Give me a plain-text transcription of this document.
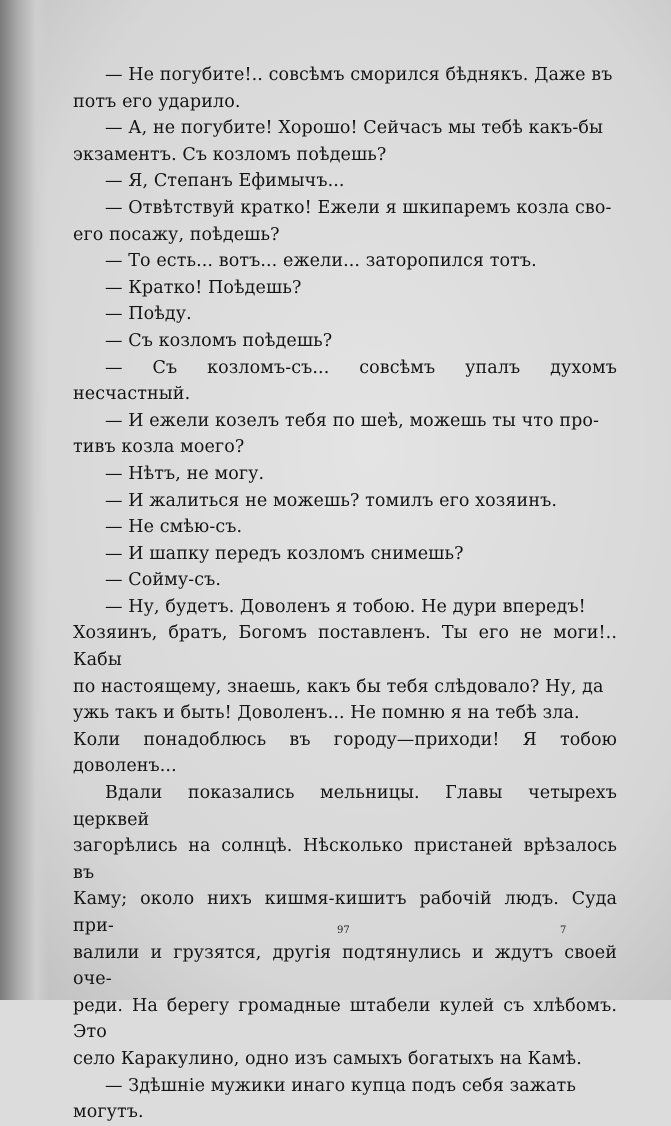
— Не погубите!.. совсѣмъ сморился бѣднякъ. Даже въ
потъ его ударило.

— А, не погубите! Хорошо! Сейчасъ мы тебѣ какъ-бы
экзаментъ. Съ козломъ поѣдешь?

— Я, Степанъ Ефимычъ...

— Отвѣтствуй кратко! Ежели я шкипаремъ козла сво-
его посажу, поѣдешь?

— То есть... вотъ... ежели... заторопился тотъ.

— Кратко! Поѣдешь?

— Поѣду.

— Съ козломъ поѣдешь?

— Съ козломъ-съ... совсѣмъ упалъ духомъ несчастный.

— И ежели козелъ тебя по шеѣ, можешь ты что про-
тивъ козла моего?

— Нѣтъ, не могу.

— И жалиться не можешь? томилъ его хозяинъ.

— Не смѣю-съ.

— И шапку передъ козломъ снимешь?

— Сойму-съ.

— Ну, будетъ. Доволенъ я тобою. Не дури впередъ!
Хозяинъ, братъ, Богомъ поставленъ. Ты его не моги!.. Кабы
по настоящему, знаешь, какъ бы тебя слѣдовало? Ну, да
ужь такъ и быть! Доволенъ... Не помню я на тебѣ зла.
Коли понадоблюсь въ городу—приходи! Я тобою доволенъ...

Вдали показались мельницы. Главы четырехъ церквей
загорѣлись на солнцѣ. Нѣсколько пристаней врѣзалось въ
Каму; около нихъ кишмя-кишитъ рабочій людъ. Суда при-
валили и грузятся, другія подтянулись и ждутъ своей оче-
реди. На берегу громадные штабели кулей съ хлѣбомъ. Это
село Каракулино, одно изъ самыхъ богатыхъ на Камѣ.

— Здѣшніе мужики инаго купца подъ себя зажать
могутъ.

97	7
